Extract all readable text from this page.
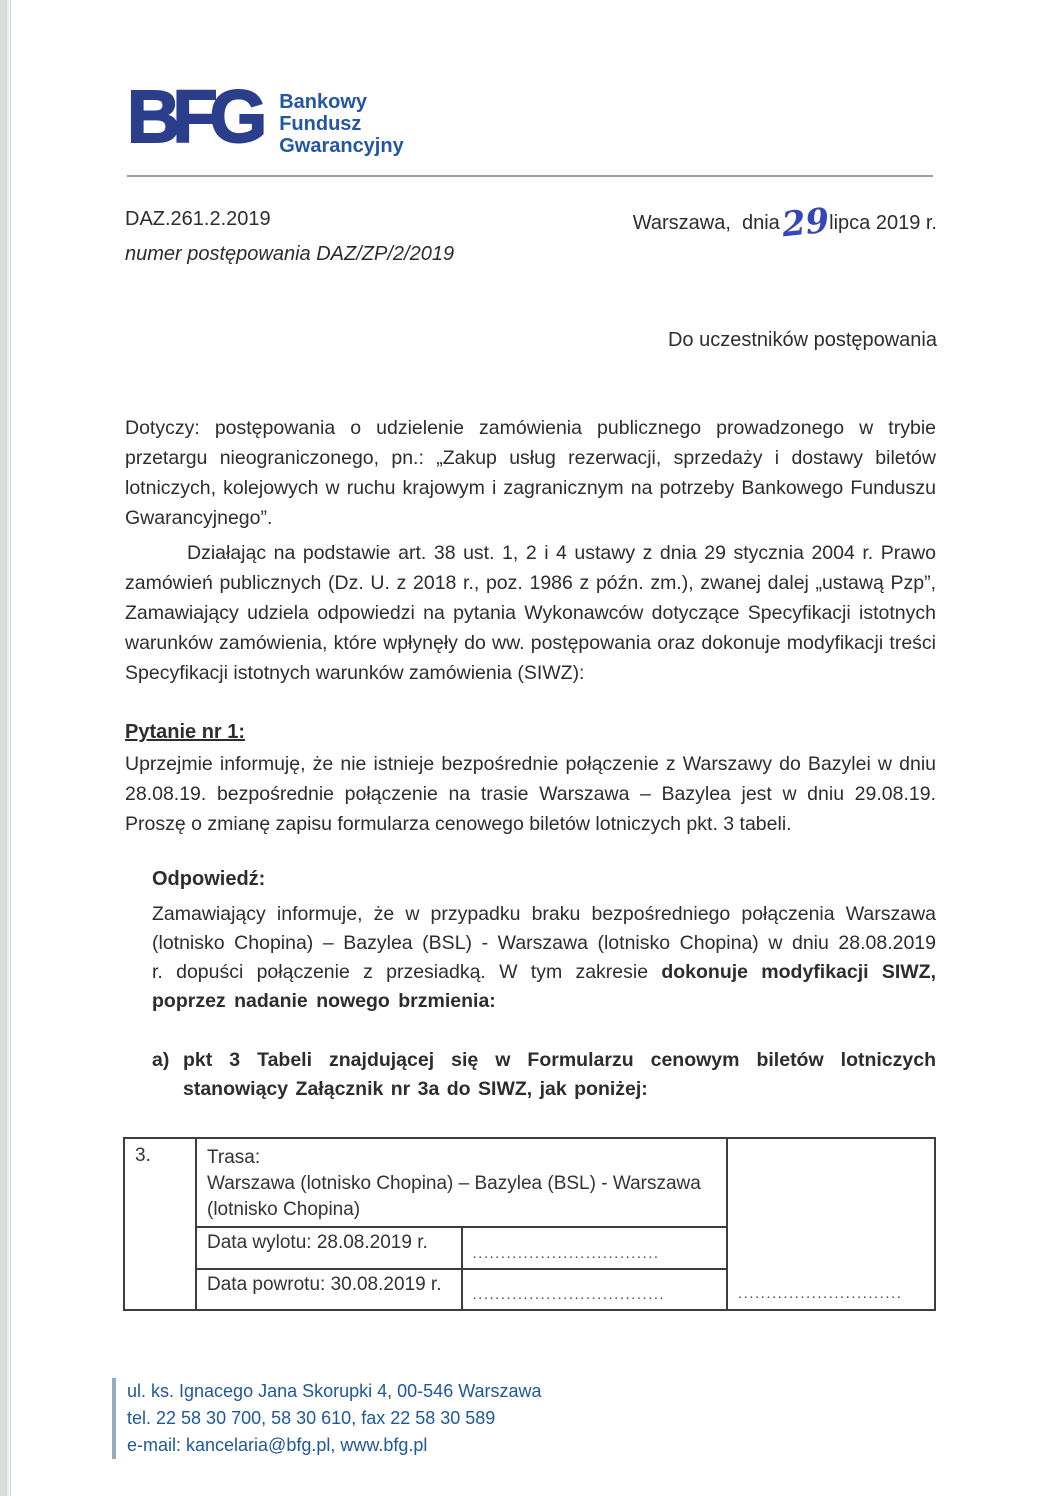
BFG Bankowy
Fundusz
Gwarancyjny
DAZ.261.2.2019
numer postępowania DAZ/ZP/2/2019
Warszawa,  dnia 29
lipca 2019 r.
Do uczestników postępowania

Dotyczy: postępowania o udzielenie zamówienia publicznego prowadzonego w trybie przetargu nieograniczonego, pn.: „Zakup usług rezerwacji, sprzedaży i dostawy biletów lotniczych, kolejowych w ruchu krajowym i zagranicznym na potrzeby Bankowego Funduszu Gwarancyjnego”.

Działając na podstawie art. 38 ust. 1, 2 i 4 ustawy z dnia 29 stycznia 2004 r. Prawo zamówień publicznych (Dz. U. z 2018 r., poz. 1986 z późn. zm.), zwanej dalej „ustawą Pzp”, Zamawiający udziela odpowiedzi na pytania Wykonawców dotyczące Specyfikacji istotnych warunków zamówienia, które wpłynęły do ww. postępowania oraz dokonuje modyfikacji treści Specyfikacji istotnych warunków zamówienia (SIWZ):

Pytanie nr 1:

Uprzejmie informuję, że nie istnieje bezpośrednie połączenie z Warszawy do Bazylei w dniu 28.08.19. bezpośrednie połączenie na trasie Warszawa – Bazylea jest w dniu 29.08.19. Proszę o zmianę zapisu formularza cenowego biletów lotniczych pkt. 3 tabeli.

Odpowiedź:

Zamawiający informuje, że w przypadku braku bezpośredniego połączenia Warszawa (lotnisko Chopina) – Bazylea (BSL) - Warszawa (lotnisko Chopina) w dniu 28.08.2019 r. dopuści połączenie z przesiadką. W tym zakresie dokonuje modyfikacji SIWZ, poprzez nadanie nowego brzmienia:

a) pkt 3 Tabeli znajdującej się w Formularzu cenowym biletów lotniczych stanowiący Załącznik nr 3a do SIWZ, jak poniżej:

3.	Trasa:
Warszawa (lotnisko Chopina) – Bazylea (BSL) - Warszawa (lotnisko Chopina)		.............................
	Data wylotu: 28.08.2019 r.	.................................	
	Data powrotu: 30.08.2019 r.	..................................	
ul. ks. Ignacego Jana Skorupki 4, 00-546 Warszawa
tel. 22 58 30 700, 58 30 610, fax 22 58 30 589
e-mail: kancelaria@bfg.pl, www.bfg.pl
